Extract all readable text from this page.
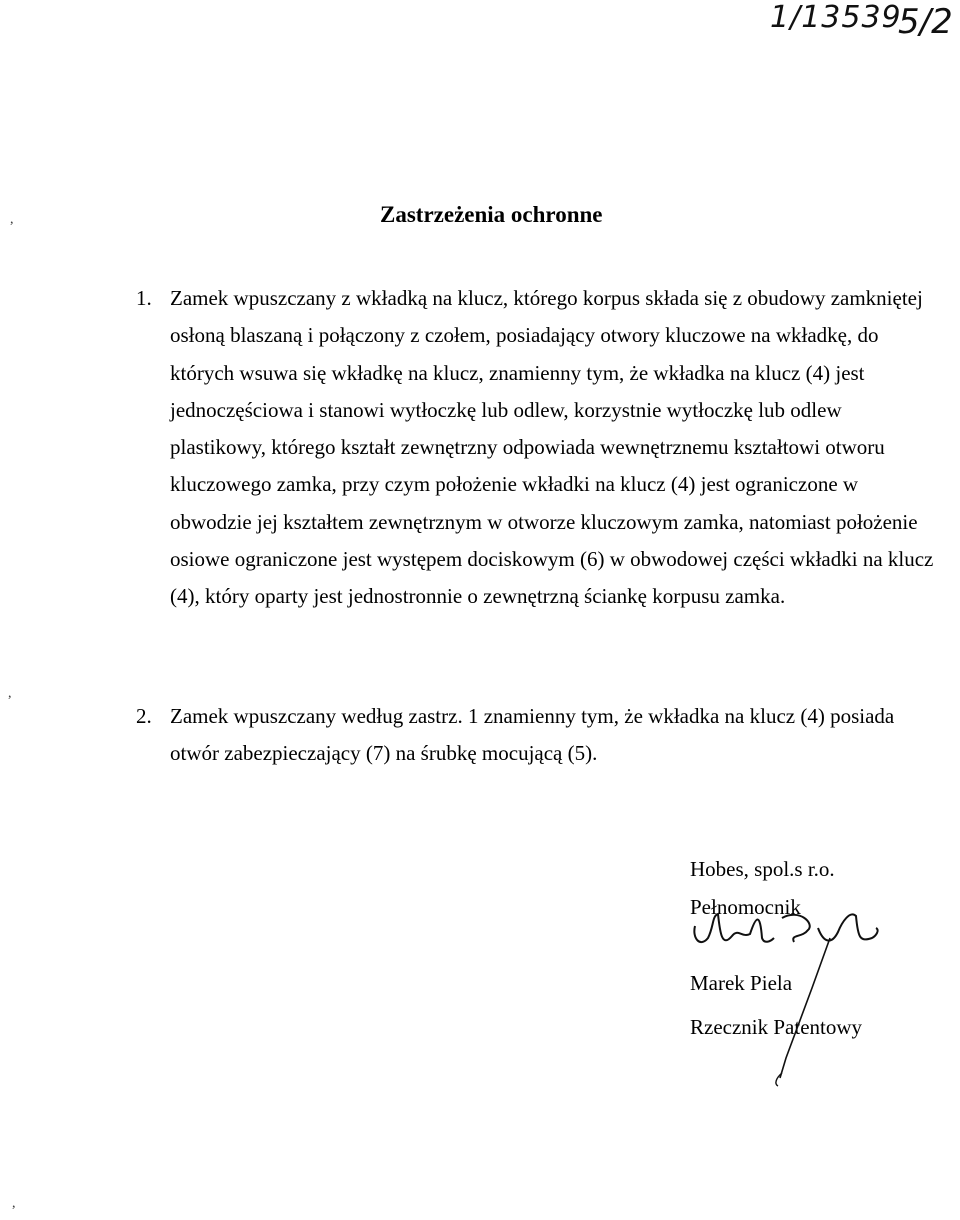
1/13539
5/2
,	Zastrzeżenia ochronne
1. Zamek wpuszczany z wkładką na klucz, którego korpus składa się z obudowy zamkniętej osłoną blaszaną i połączony z czołem, posiadający otwory kluczowe na wkładkę, do których wsuwa się wkładkę na klucz, znamienny tym, że wkładka na klucz (4) jest jednoczęściowa i stanowi wytłoczkę lub odlew, korzystnie wytłoczkę lub odlew plastikowy, którego kształt zewnętrzny odpowiada wewnętrznemu kształtowi otworu kluczowego zamka, przy czym położenie wkładki na klucz (4) jest ograniczone w obwodzie jej kształtem zewnętrznym w otworze kluczowym zamka, natomiast położenie osiowe ograniczone jest występem dociskowym (6) w obwodowej części wkładki na klucz (4), który oparty jest jednostronnie o zewnętrzną ściankę korpusu zamka.
,
2. Zamek wpuszczany według zastrz. 1 znamienny tym, że wkładka na klucz (4) posiada otwór zabezpieczający (7) na śrubkę mocującą (5).
Hobes, spol.s r.o.
Pełnomocnik
Marek Piela
Rzecznik Patentowy
,
